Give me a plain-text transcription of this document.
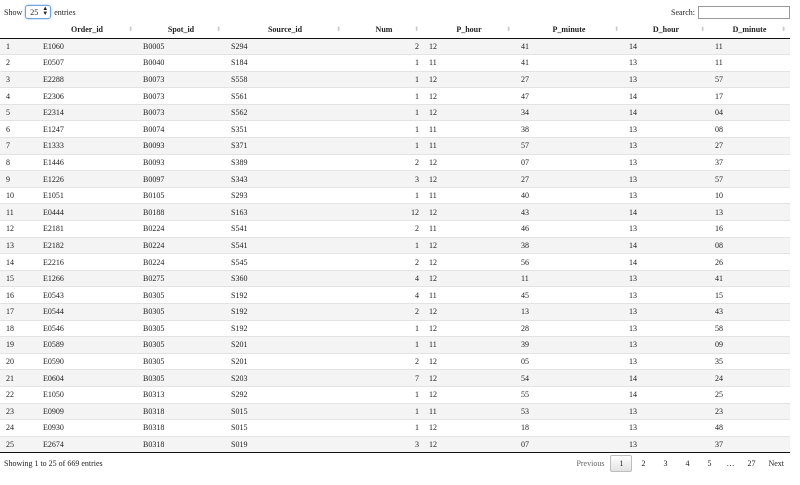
Show 25 ▲
▼ entries	Search:
	Order_id ⬍	Spot_id ⬍	Source_id ⬍	Num ⬍	P_hour ⬍	P_minute ⬍	D_hour ⬍	D_minute ⬍

1	E1060	B0005	S294	2	12	41	14	11
2	E0507	B0040	S184	1	11	41	13	11
3	E2288	B0073	S558	1	12	27	13	57
4	E2306	B0073	S561	1	12	47	14	17
5	E2314	B0073	S562	1	12	34	14	04
6	E1247	B0074	S351	1	11	38	13	08
7	E1333	B0093	S371	1	11	57	13	27
8	E1446	B0093	S389	2	12	07	13	37
9	E1226	B0097	S343	3	12	27	13	57
10	E1051	B0105	S293	1	11	40	13	10
11	E0444	B0188	S163	12	12	43	14	13
12	E2181	B0224	S541	2	11	46	13	16
13	E2182	B0224	S541	1	12	38	14	08
14	E2216	B0224	S545	2	12	56	14	26
15	E1266	B0275	S360	4	12	11	13	41
16	E0543	B0305	S192	4	11	45	13	15
17	E0544	B0305	S192	2	12	13	13	43
18	E0546	B0305	S192	1	12	28	13	58
19	E0589	B0305	S201	1	11	39	13	09
20	E0590	B0305	S201	2	12	05	13	35
21	E0604	B0305	S203	7	12	54	14	24
22	E1050	B0313	S292	1	12	55	14	25
23	E0909	B0318	S015	1	11	53	13	23
24	E0930	B0318	S015	1	12	18	13	48
25	E2674	B0318	S019	3	12	07	13	37
Showing 1 to 25 of 669 entries	Previous	1	2	3	4	5	…	27	Next
